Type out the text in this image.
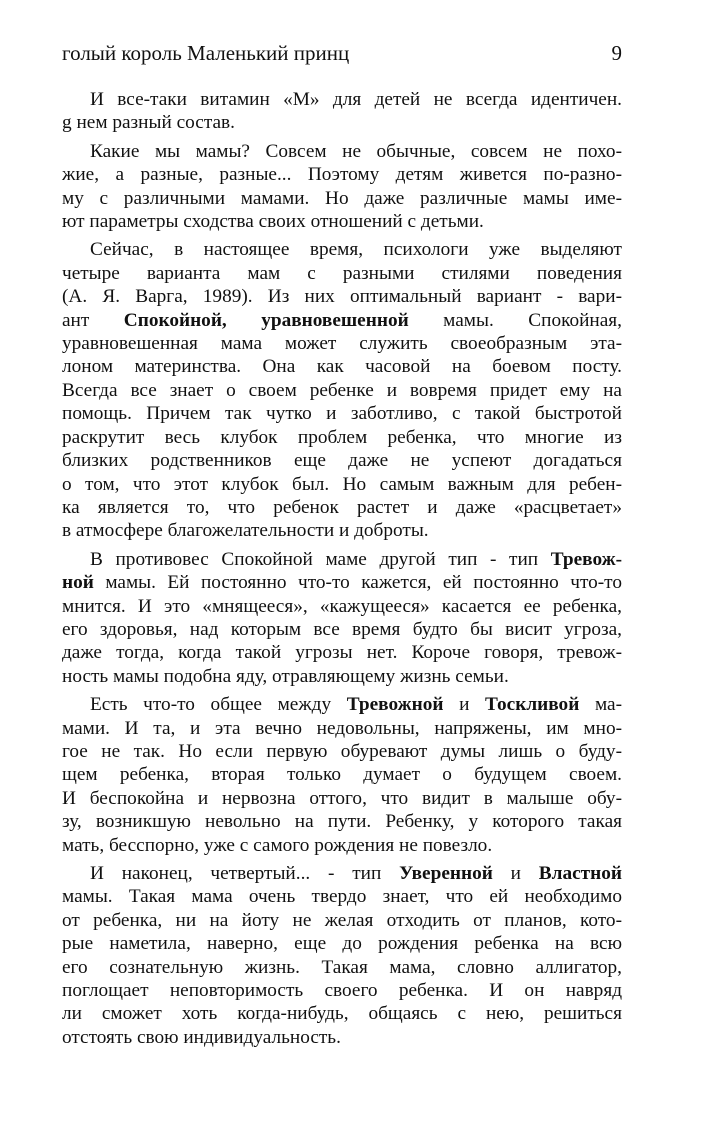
голый король Маленький принц	9

И все-таки витамин «М» для детей не всегда идентичен.
g нем разный состав.

Какие мы мамы? Совсем не обычные, совсем не похо-
жие, а разные, разные... Поэтому детям живется по-разно-
му с различными мамами. Но даже различные мамы име-
ют параметры сходства своих отношений с детьми.

Сейчас, в настоящее время, психологи уже выделяют
четыре варианта мам с разными стилями поведения
(А. Я. Варга, 1989). Из них оптимальный вариант - вари-
ант Спокойной, уравновешенной мамы. Спокойная,
уравновешенная мама может служить своеобразным эта-
лоном материнства. Она как часовой на боевом посту.
Всегда все знает о своем ребенке и вовремя придет ему на
помощь. Причем так чутко и заботливо, с такой быстротой
раскрутит весь клубок проблем ребенка, что многие из
близких родственников еще даже не успеют догадаться
о том, что этот клубок был. Но самым важным для ребен-
ка является то, что ребенок растет и даже «расцветает»
в атмосфере благожелательности и доброты.

В противовес Спокойной маме другой тип - тип Тревож-
ной мамы. Ей постоянно что-то кажется, ей постоянно что-то
мнится. И это «мнящееся», «кажущееся» касается ее ребенка,
его здоровья, над которым все время будто бы висит угроза,
даже тогда, когда такой угрозы нет. Короче говоря, тревож-
ность мамы подобна яду, отравляющему жизнь семьи.

Есть что-то общее между Тревожной и Тоскливой ма-
мами. И та, и эта вечно недовольны, напряжены, им мно-
гое не так. Но если первую обуревают думы лишь о буду-
щем ребенка, вторая только думает о будущем своем.
И беспокойна и нервозна оттого, что видит в малыше обу-
зу, возникшую невольно на пути. Ребенку, у которого такая
мать, бесспорно, уже с самого рождения не повезло.

И наконец, четвертый... - тип Уверенной и Властной
мамы. Такая мама очень твердо знает, что ей необходимо
от ребенка, ни на йоту не желая отходить от планов, кото-
рые наметила, наверно, еще до рождения ребенка на всю
его сознательную жизнь. Такая мама, словно аллигатор,
поглощает неповторимость своего ребенка. И он навряд
ли сможет хоть когда-нибудь, общаясь с нею, решиться
отстоять свою индивидуальность.
